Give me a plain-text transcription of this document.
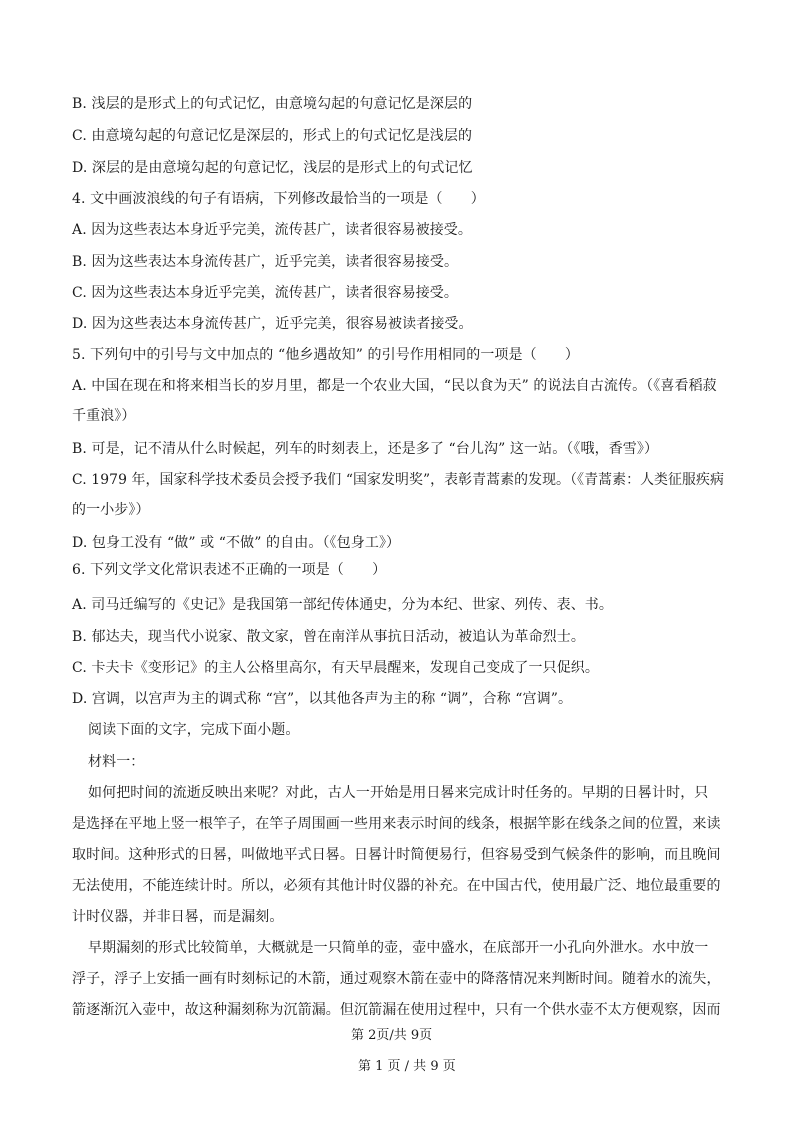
B. 浅层的是形式上的句式记忆，由意境勾起的句意记忆是深层的
C. 由意境勾起的句意记忆是深层的，形式上的句式记忆是浅层的
D. 深层的是由意境勾起的句意记忆，浅层的是形式上的句式记忆
4. 文中画波浪线的句子有语病，下列修改最恰当的一项是（　　）
A. 因为这些表达本身近乎完美，流传甚广，读者很容易被接受。
B. 因为这些表达本身流传甚广，近乎完美，读者很容易接受。
C. 因为这些表达本身近乎完美，流传甚广，读者很容易接受。
D. 因为这些表达本身流传甚广，近乎完美，很容易被读者接受。
5. 下列句中的引号与文中加点的 “他乡遇故知” 的引号作用相同的一项是（　　）
A. 中国在现在和将来相当长的岁月里，都是一个农业大国，“民以食为天” 的说法自古流传。（《喜看稻菽
千重浪》）
B. 可是，记不清从什么时候起，列车的时刻表上，还是多了 “台儿沟” 这一站。（《哦，香雪》）
C. 1979 年，国家科学技术委员会授予我们 “国家发明奖”，表彰青蒿素的发现。（《青蒿素：人类征服疾病
的一小步》）
D. 包身工没有 “做” 或 “不做” 的自由。（《包身工》）
6. 下列文学文化常识表述不正确的一项是（　　）
A. 司马迁编写的《史记》是我国第一部纪传体通史，分为本纪、世家、列传、表、书。
B. 郁达夫，现当代小说家、散文家，曾在南洋从事抗日活动，被追认为革命烈士。
C. 卡夫卡《变形记》的主人公格里高尔，有天早晨醒来，发现自己变成了一只促织。
D. 宫调，以宫声为主的调式称 “宫”，以其他各声为主的称 “调”，合称 “宫调”。
阅读下面的文字，完成下面小题。
材料一：
如何把时间的流逝反映出来呢？对此，古人一开始是用日晷来完成计时任务的。早期的日晷计时，只
是选择在平地上竖一根竿子，在竿子周围画一些用来表示时间的线条，根据竿影在线条之间的位置，来读
取时间。这种形式的日晷，叫做地平式日晷。日晷计时简便易行，但容易受到气候条件的影响，而且晚间
无法使用，不能连续计时。所以，必须有其他计时仪器的补充。在中国古代，使用最广泛、地位最重要的
计时仪器，并非日晷，而是漏刻。
早期漏刻的形式比较简单，大概就是一只简单的壶，壶中盛水，在底部开一小孔向外泄水。水中放一
浮子，浮子上安插一画有时刻标记的木箭，通过观察木箭在壶中的降落情况来判断时间。随着水的流失，
箭逐渐沉入壶中，故这种漏刻称为沉箭漏。但沉箭漏在使用过程中，只有一个供水壶不太方便观察，因而
第 2页/共 9页
第 1 页 / 共 9 页
